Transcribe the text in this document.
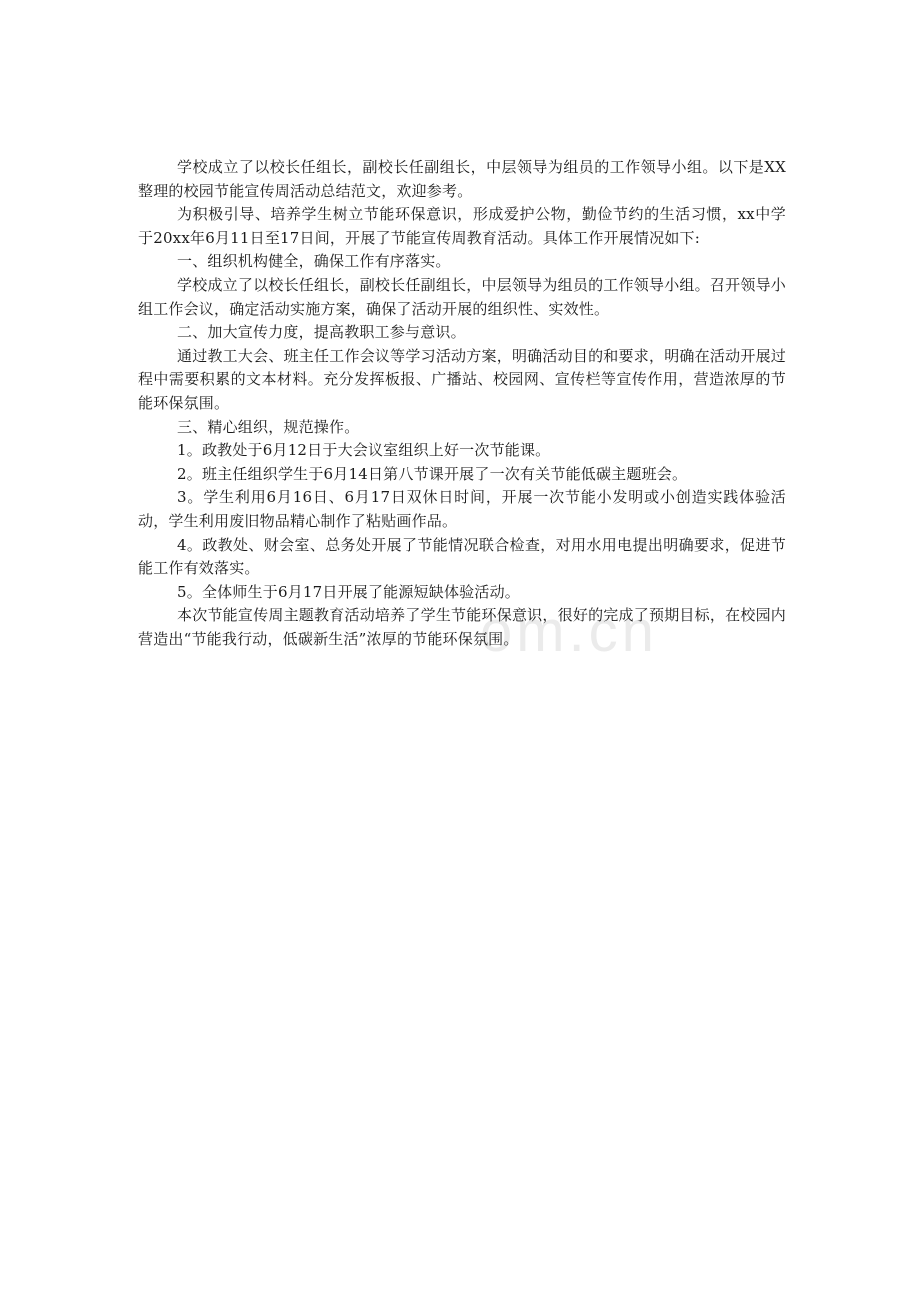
om.cn

学校成立了以校长任组长，副校长任副组长，中层领导为组员的工作领导小组。以下是XX整理的校园节能宣传周活动总结范文，欢迎参考。

为积极引导、培养学生树立节能环保意识，形成爱护公物，勤俭节约的生活习惯，xx中学于20xx年6月11日至17日间，开展了节能宣传周教育活动。具体工作开展情况如下:

一、组织机构健全，确保工作有序落实。

学校成立了以校长任组长，副校长任副组长，中层领导为组员的工作领导小组。召开领导小组工作会议，确定活动实施方案，确保了活动开展的组织性、实效性。

二、加大宣传力度，提高教职工参与意识。

通过教工大会、班主任工作会议等学习活动方案，明确活动目的和要求，明确在活动开展过程中需要积累的文本材料。充分发挥板报、广播站、校园网、宣传栏等宣传作用，营造浓厚的节能环保氛围。

三、精心组织，规范操作。

1。政教处于6月12日于大会议室组织上好一次节能课。

2。班主任组织学生于6月14日第八节课开展了一次有关节能低碳主题班会。

3。学生利用6月16日、6月17日双休日时间，开展一次节能小发明或小创造实践体验活动，学生利用废旧物品精心制作了粘贴画作品。

4。政教处、财会室、总务处开展了节能情况联合检查，对用水用电提出明确要求，促进节能工作有效落实。

5。全体师生于6月17日开展了能源短缺体验活动。

本次节能宣传周主题教育活动培养了学生节能环保意识，很好的完成了预期目标，在校园内营造出“节能我行动，低碳新生活”浓厚的节能环保氛围。
